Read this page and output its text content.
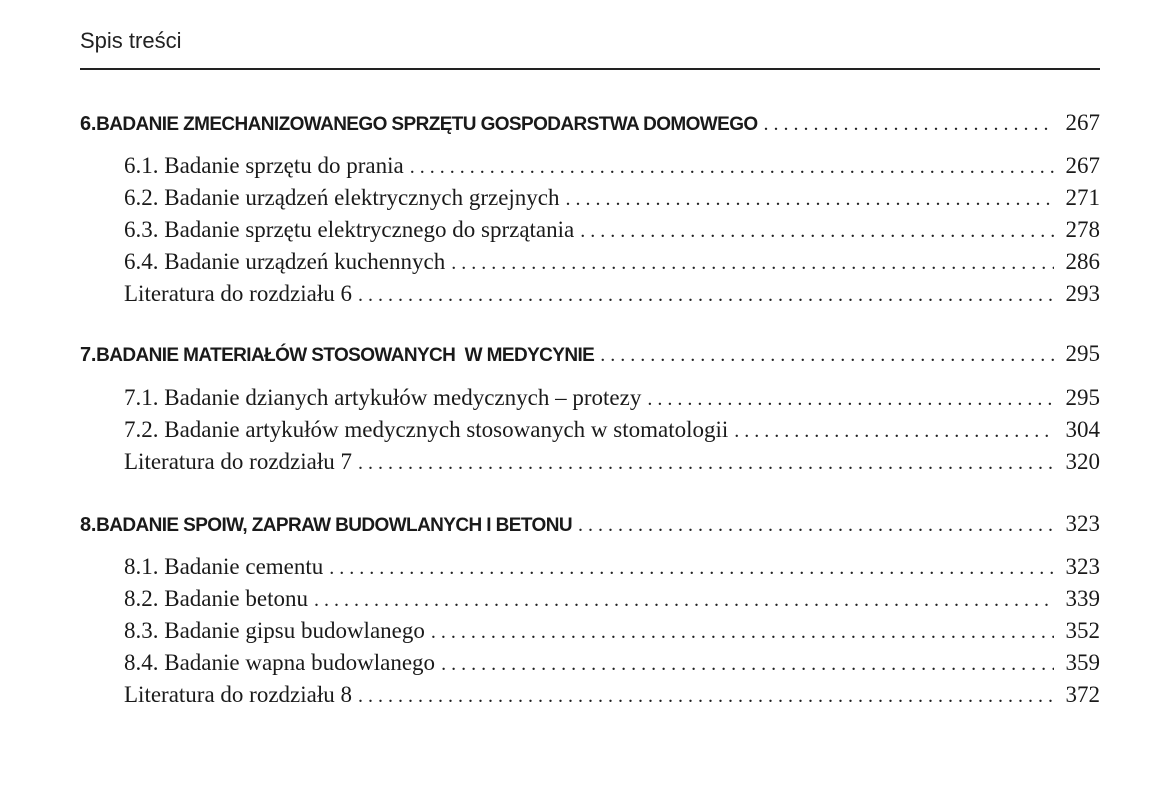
Spis treści
6. BADANIE ZMECHANIZOWANEGO SPRZĘTU GOSPODARSTWA DOMOWEGO . . .	267
6.1. Badanie sprzętu do prania . . .	267
6.2. Badanie urządzeń elektrycznych grzejnych . . .	271
6.3. Badanie sprzętu elektrycznego do sprzątania . . .	278
6.4. Badanie urządzeń kuchennych . . .	286
Literatura do rozdziału 6 . . .	293
7. BADANIE MATERIAŁÓW STOSOWANYCH  W MEDYCYNIE . . .	295
7.1. Badanie dzianych artykułów medycznych – protezy . . .	295
7.2. Badanie artykułów medycznych stosowanych w stomatologii . . .	304
Literatura do rozdziału 7 . . .	320
8. BADANIE SPOIW, ZAPRAW BUDOWLANYCH I BETONU . . .	323
8.1. Badanie cementu . . .	323
8.2. Badanie betonu . . .	339
8.3. Badanie gipsu budowlanego . . .	352
8.4. Badanie wapna budowlanego . . .	359
Literatura do rozdziału 8 . . .	372
